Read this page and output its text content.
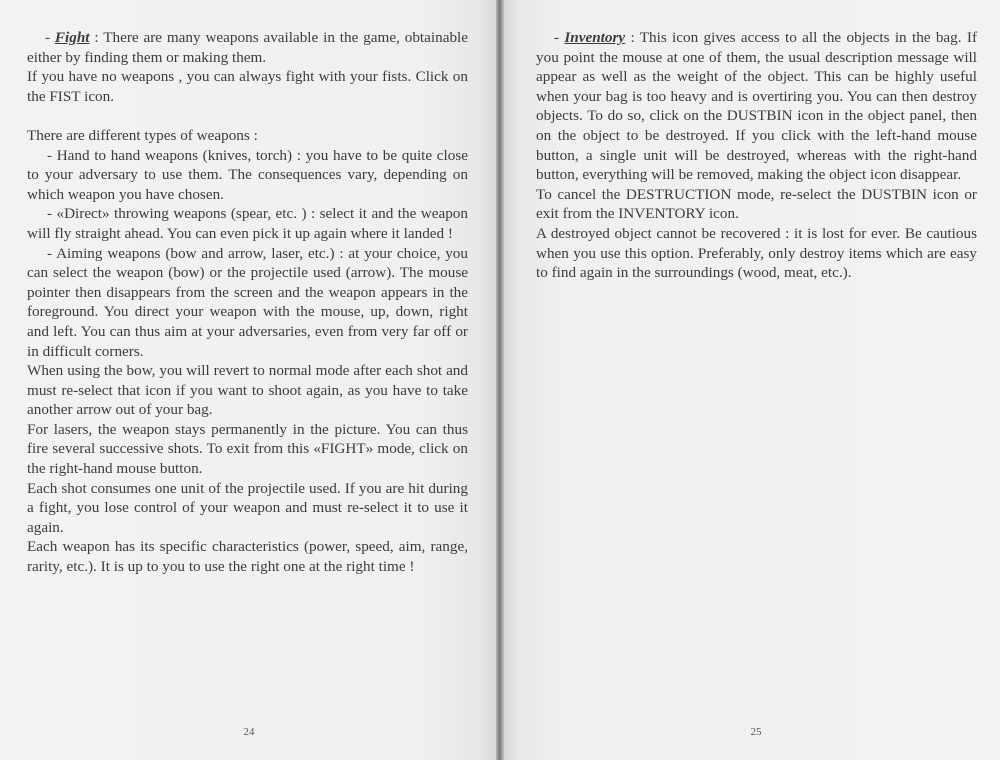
- Fight : There are many weapons available in the game, obtainable either by finding them or making them.

If you have no weapons , you can always fight with your fists. Click on the FIST icon.

There are different types of weapons :

- Hand to hand weapons (knives, torch) : you have to be quite close to your adversary to use them. The consequences vary, depending on which weapon you have chosen.

- «Direct» throwing weapons (spear, etc. ) : select it and the weapon will fly straight ahead. You can even pick it up again where it landed !

- Aiming weapons (bow and arrow, laser, etc.) : at your choice, you can select the weapon (bow) or the projectile used (arrow). The mouse pointer then disappears from the screen and the weapon appears in the foreground. You direct your weapon with the mouse, up, down, right and left. You can thus aim at your adversaries, even from very far off or in difficult corners.

When using the bow, you will revert to normal mode after each shot and must re-select that icon if you want to shoot again, as you have to take another arrow out of your bag.

For lasers, the weapon stays permanently in the picture. You can thus fire several successive shots. To exit from this «FIGHT» mode, click on the right-hand mouse button.

Each shot consumes one unit of the projectile used. If you are hit during a fight, you lose control of your weapon and must re-select it to use it again.

Each weapon has its specific characteristics (power, speed, aim, range, rarity, etc.). It is up to you to use the right one at the right time !

24

- Inventory : This icon gives access to all the objects in the bag. If you point the mouse at one of them, the usual description message will appear as well as the weight of the object. This can be highly useful when your bag is too heavy and is overtiring you. You can then destroy objects. To do so, click on the DUSTBIN icon in the object panel, then on the object to be destroyed. If you click with the left-hand mouse button, a single unit will be destroyed, whereas with the right-hand button, everything will be removed, making the object icon disappear.

To cancel the DESTRUCTION mode, re-select the DUSTBIN icon or exit from the INVENTORY icon.

A destroyed object cannot be recovered : it is lost for ever. Be cautious when you use this option. Preferably, only destroy items which are easy to find again in the surroundings (wood, meat, etc.).

25
